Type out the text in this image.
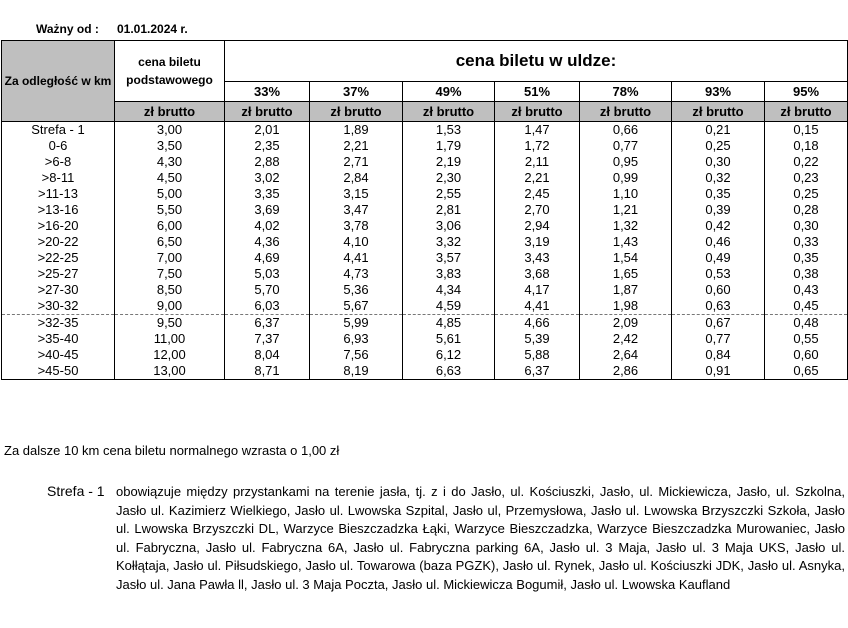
Ważny od : 01.01.2024 r.
Za odległość w km	cena biletu podstawowego	cena biletu w uldze:						
		33%	37%	49%	51%	78%	93%	95%
	zł brutto	zł brutto	zł brutto	zł brutto	zł brutto	zł brutto	zł brutto	zł brutto
Strefa - 1	3,00	2,01	1,89	1,53	1,47	0,66	0,21	0,15
0-6	3,50	2,35	2,21	1,79	1,72	0,77	0,25	0,18
>6-8	4,30	2,88	2,71	2,19	2,11	0,95	0,30	0,22
>8-11	4,50	3,02	2,84	2,30	2,21	0,99	0,32	0,23
>11-13	5,00	3,35	3,15	2,55	2,45	1,10	0,35	0,25
>13-16	5,50	3,69	3,47	2,81	2,70	1,21	0,39	0,28
>16-20	6,00	4,02	3,78	3,06	2,94	1,32	0,42	0,30
>20-22	6,50	4,36	4,10	3,32	3,19	1,43	0,46	0,33
>22-25	7,00	4,69	4,41	3,57	3,43	1,54	0,49	0,35
>25-27	7,50	5,03	4,73	3,83	3,68	1,65	0,53	0,38
>27-30	8,50	5,70	5,36	4,34	4,17	1,87	0,60	0,43
>30-32	9,00	6,03	5,67	4,59	4,41	1,98	0,63	0,45
>32-35	9,50	6,37	5,99	4,85	4,66	2,09	0,67	0,48
>35-40	11,00	7,37	6,93	5,61	5,39	2,42	0,77	0,55
>40-45	12,00	8,04	7,56	6,12	5,88	2,64	0,84	0,60
>45-50	13,00	8,71	8,19	6,63	6,37	2,86	0,91	0,65
Za dalsze 10 km cena biletu normalnego wzrasta o 1,00 zł
Strefa - 1 obowiązuje między przystankami na terenie jasła, tj. z i do Jasło, ul. Kościuszki, Jasło, ul. Mickiewicza, Jasło, ul. Szkolna, Jasło ul. Kazimierz Wielkiego, Jasło ul. Lwowska Szpital, Jasło ul, Przemysłowa, Jasło ul. Lwowska Brzyszczki Szkoła, Jasło ul. Lwowska Brzyszczki DL, Warzyce Bieszczadzka Łąki, Warzyce Bieszczadzka, Warzyce Bieszczadzka Murowaniec, Jasło ul. Fabryczna, Jasło ul. Fabryczna 6A, Jasło ul. Fabryczna parking 6A, Jasło ul. 3 Maja, Jasło ul. 3 Maja UKS, Jasło ul. Kołłątaja, Jasło ul. Piłsudskiego, Jasło ul. Towarowa (baza PGZK), Jasło ul. Rynek, Jasło ul. Kościuszki JDK, Jasło ul. Asnyka, Jasło ul. Jana Pawła ll, Jasło ul. 3 Maja Poczta, Jasło ul. Mickiewicza Bogumił, Jasło ul. Lwowska Kaufland
